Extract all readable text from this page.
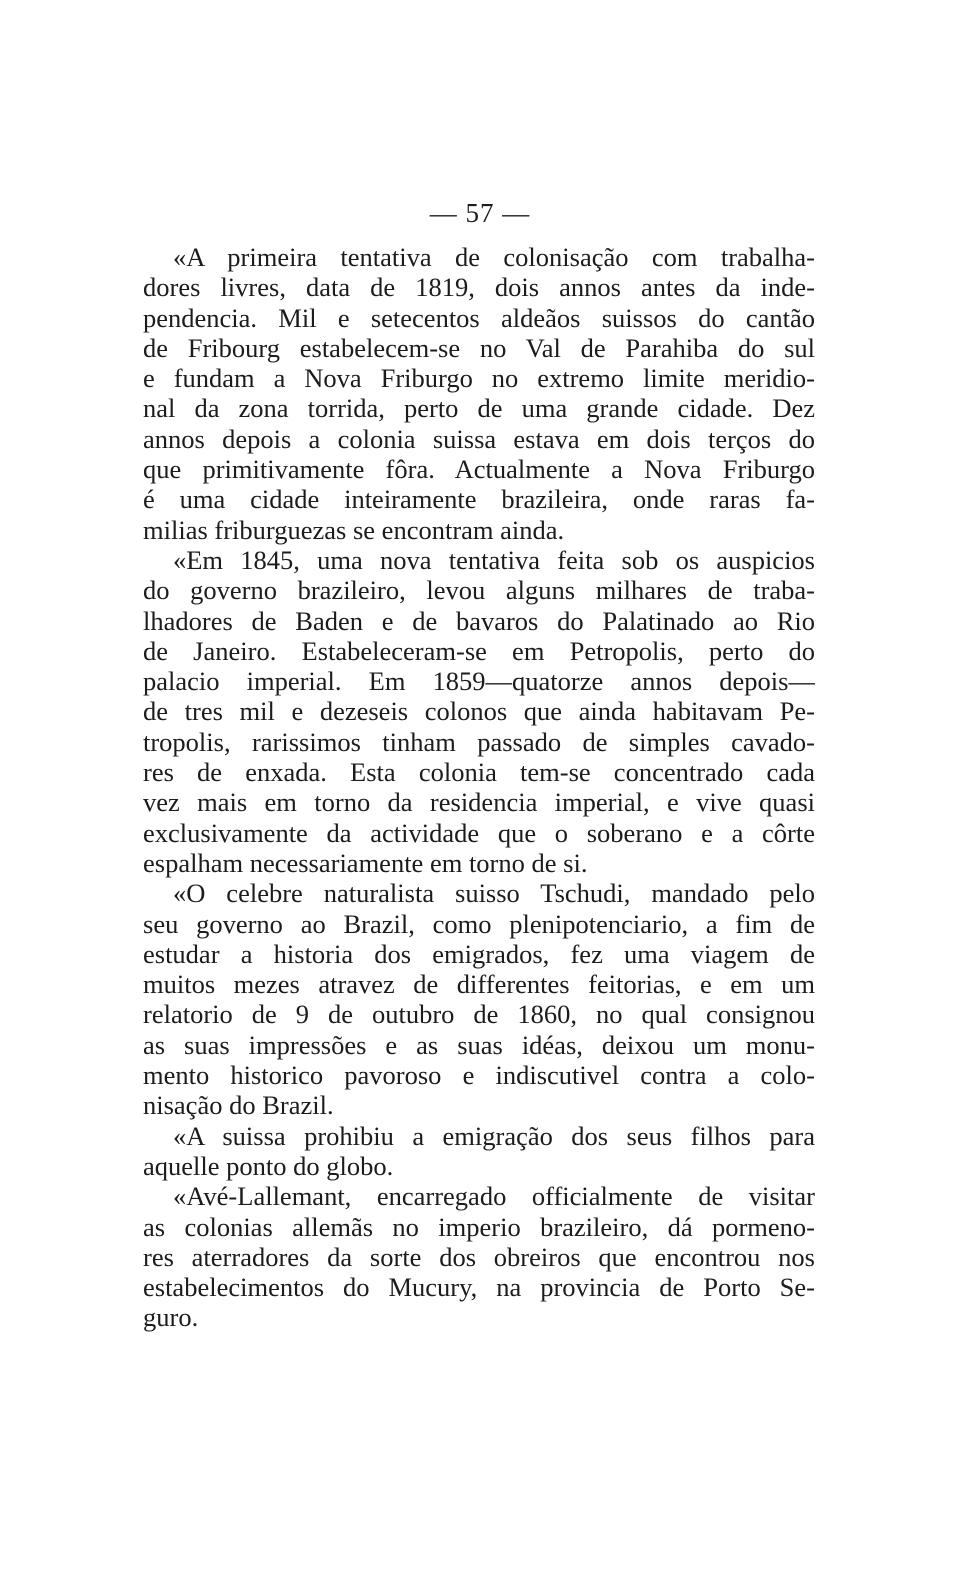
— 57 —
«A primeira tentativa de colonisação com trabalha-
dores livres, data de 1819, dois annos antes da inde-
pendencia. Mil e setecentos aldeãos suissos do cantão
de Fribourg estabelecem-se no Val de Parahiba do sul
e fundam a Nova Friburgo no extremo limite meridio-
nal da zona torrida, perto de uma grande cidade. Dez
annos depois a colonia suissa estava em dois terços do
que primitivamente fôra. Actualmente a Nova Friburgo
é uma cidade inteiramente brazileira, onde raras fa-
milias friburguezas se encontram ainda.
«Em 1845, uma nova tentativa feita sob os auspicios
do governo brazileiro, levou alguns milhares de traba-
lhadores de Baden e de bavaros do Palatinado ao Rio
de Janeiro. Estabeleceram-se em Petropolis, perto do
palacio imperial. Em 1859—quatorze annos depois—
de tres mil e dezeseis colonos que ainda habitavam Pe-
tropolis, rarissimos tinham passado de simples cavado-
res de enxada. Esta colonia tem-se concentrado cada
vez mais em torno da residencia imperial, e vive quasi
exclusivamente da actividade que o soberano e a côrte
espalham necessariamente em torno de si.
«O celebre naturalista suisso Tschudi, mandado pelo
seu governo ao Brazil, como plenipotenciario, a fim de
estudar a historia dos emigrados, fez uma viagem de
muitos mezes atravez de differentes feitorias, e em um
relatorio de 9 de outubro de 1860, no qual consignou
as suas impressões e as suas idéas, deixou um monu-
mento historico pavoroso e indiscutivel contra a colo-
nisação do Brazil.
«A suissa prohibiu a emigração dos seus filhos para
aquelle ponto do globo.
«Avé-Lallemant, encarregado officialmente de visitar
as colonias allemãs no imperio brazileiro, dá pormeno-
res aterradores da sorte dos obreiros que encontrou nos
estabelecimentos do Mucury, na provincia de Porto Se-
guro.
